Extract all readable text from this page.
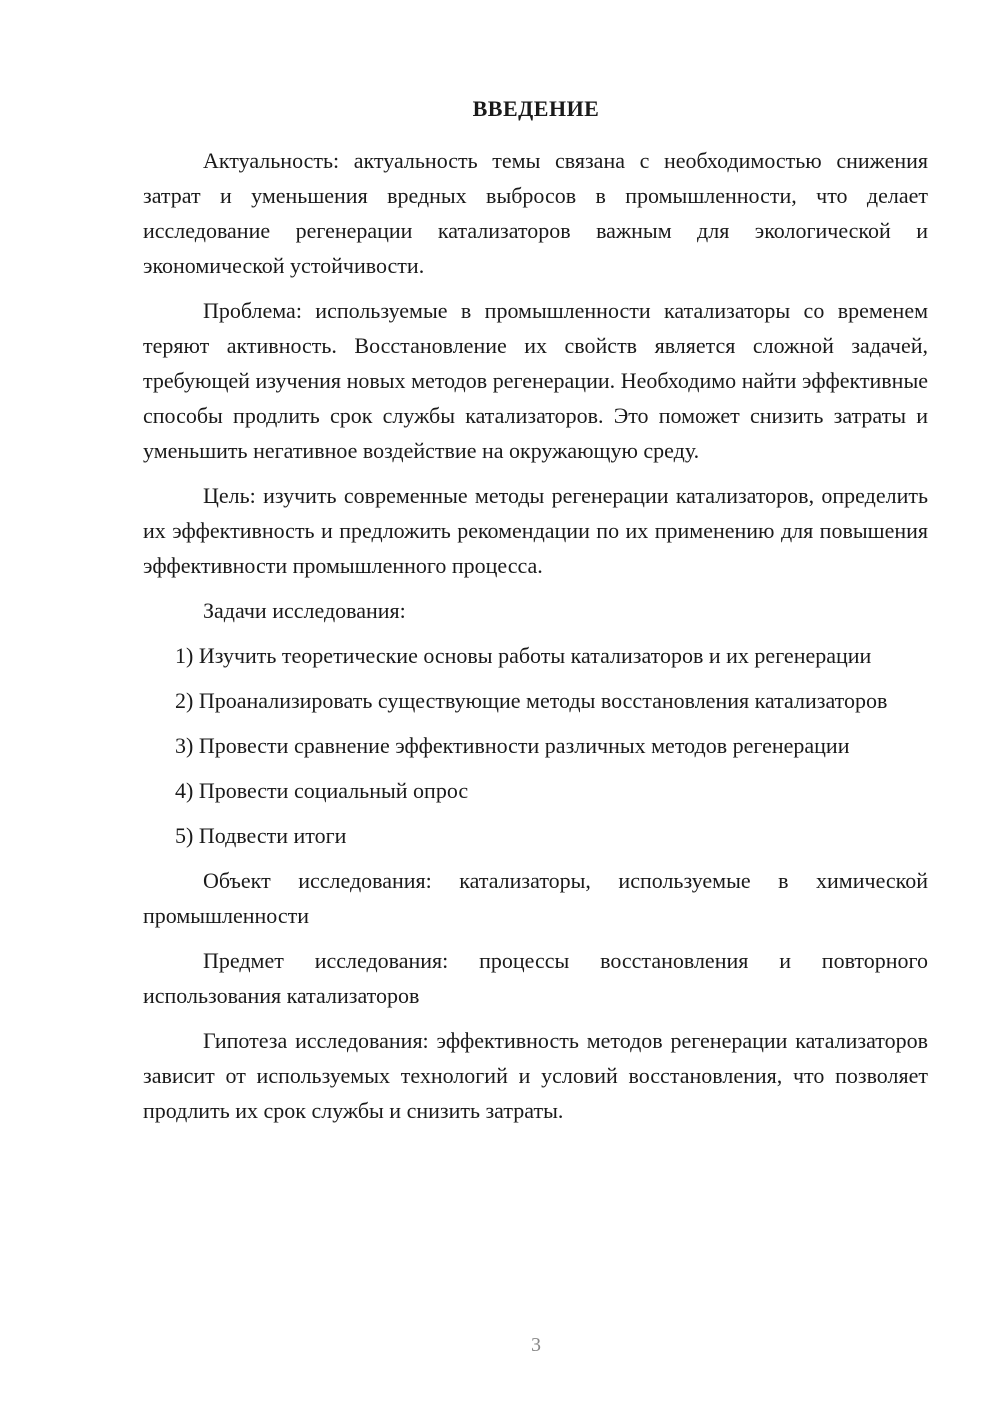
ВВЕДЕНИЕ

Актуальность: актуальность темы связана с необходимостью снижения затрат и уменьшения вредных выбросов в промышленности, что делает исследование регенерации катализаторов важным для экологической и экономической устойчивости.

Проблема: используемые в промышленности катализаторы со временем теряют активность. Восстановление их свойств является сложной задачей, требующей изучения новых методов регенерации. Необходимо найти эффективные способы продлить срок службы катализаторов. Это поможет снизить затраты и уменьшить негативное воздействие на окружающую среду.

Цель: изучить современные методы регенерации катализаторов, определить их эффективность и предложить рекомендации по их применению для повышения эффективности промышленного процесса.

Задачи исследования:

1) Изучить теоретические основы работы катализаторов и их регенерации

2) Проанализировать существующие методы восстановления катализаторов

3) Провести сравнение эффективности различных методов регенерации

4) Провести социальный опрос

5) Подвести итоги

Объект исследования: катализаторы, используемые в химической промышленности

Предмет исследования: процессы восстановления и повторного использования катализаторов

Гипотеза исследования: эффективность методов регенерации катализаторов зависит от используемых технологий и условий восстановления, что позволяет продлить их срок службы и снизить затраты.

3
